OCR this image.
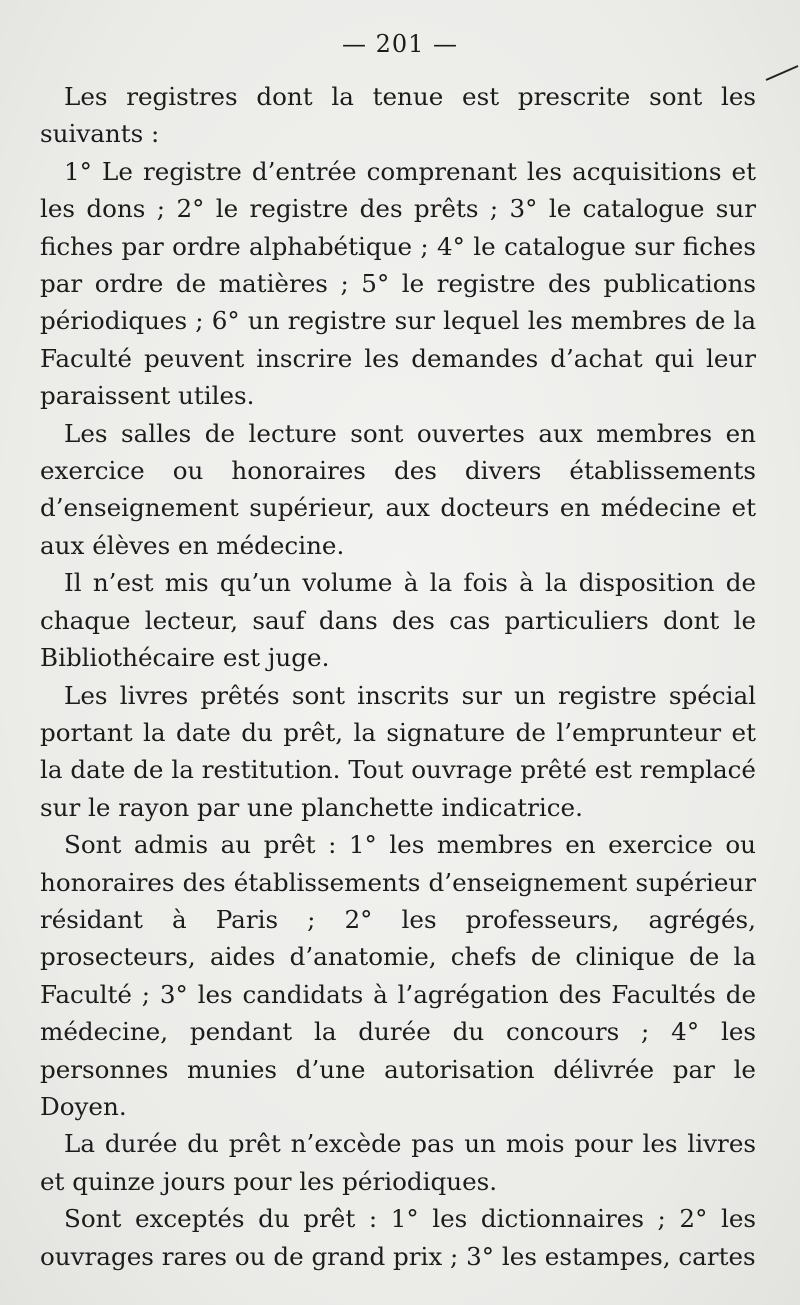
— 201 —

Les registres dont la tenue est prescrite sont les suivants :

1° Le registre d’entrée comprenant les acquisitions et les dons ; 2° le registre des prêts ; 3° le catalogue sur fiches par ordre alphabétique ; 4° le catalogue sur fiches par ordre de matières ; 5° le registre des publications périodiques ; 6° un registre sur lequel les membres de la Faculté peuvent inscrire les demandes d’achat qui leur paraissent utiles.

Les salles de lecture sont ouvertes aux membres en exercice ou honoraires des divers établissements d’enseignement supérieur, aux docteurs en médecine et aux élèves en médecine.

Il n’est mis qu’un volume à la fois à la disposition de chaque lecteur, sauf dans des cas particuliers dont le Bibliothécaire est juge.

Les livres prêtés sont inscrits sur un registre spécial portant la date du prêt, la signature de l’emprunteur et la date de la restitution. Tout ouvrage prêté est remplacé sur le rayon par une planchette indicatrice.

Sont admis au prêt : 1° les membres en exercice ou honoraires des établissements d’enseignement supérieur résidant à Paris ; 2° les professeurs, agrégés, prosecteurs, aides d’anatomie, chefs de clinique de la Faculté ; 3° les candidats à l’agrégation des Facultés de médecine, pendant la durée du concours ; 4° les personnes munies d’une autorisation délivrée par le Doyen.

La durée du prêt n’excède pas un mois pour les livres et quinze jours pour les périodiques.

Sont exceptés du prêt : 1° les dictionnaires ; 2° les ouvrages rares ou de grand prix ; 3° les estampes, cartes
